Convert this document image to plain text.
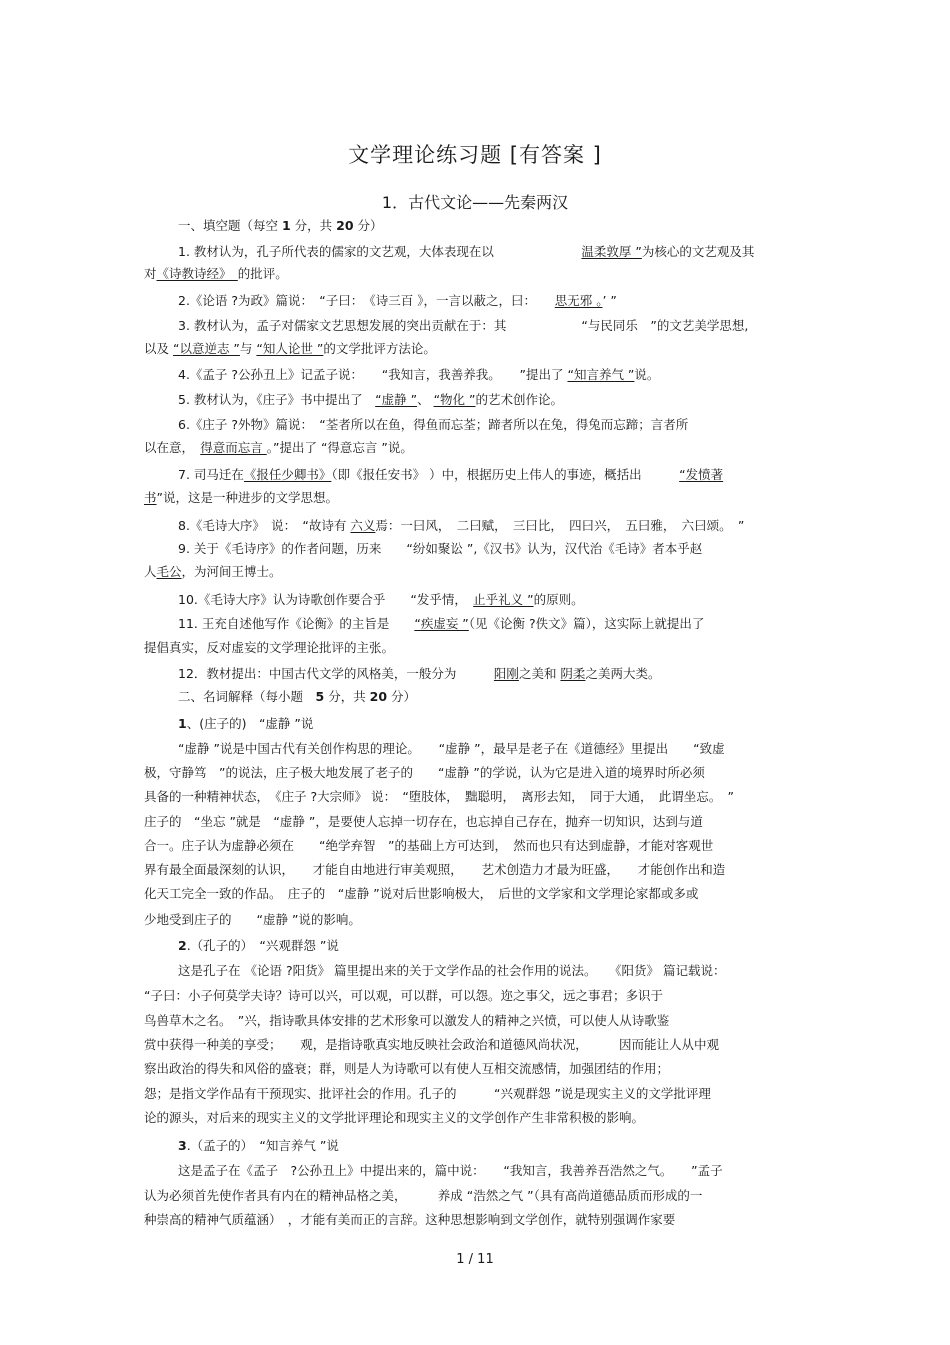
文学理论练习题 [有答案 ]
1．古代文论——先秦两汉
一、填空题（每空 1 分，共 20 分）
1. 教材认为，孔子所代表的儒家的文艺观，大体表现在以　　　　　　　温柔敦厚 ”为核心的文艺观及其
对《诗教诗经》　的批评。
2.《论语 ?为政》篇说：　“子曰：　《诗三百 》，一言以蔽之，曰：　　思无邪 。’ ”
3. 教材认为，孟子对儒家文艺思想发展的突出贡献在于：其　　　　　　“与民同乐　”的文艺美学思想,
以及 “以意逆志 ”与 “知人论世 ”的文学批评方法论。
4.《孟子 ?公孙丑上》记孟子说：　　“我知言，我善养我。　　”提出了 “知言养气 ”说。
5. 教材认为，《庄子》书中提出了　“虚静 ”、 “物化 ”的艺术创作论。
6.《庄子 ?外物》篇说：　“荃者所以在鱼，得鱼而忘荃；蹄者所以在兔，得兔而忘蹄；言者所
以在意，　得意而忘言 。”提出了 “得意忘言 ”说。
7. 司马迁在《报任少卿书》（即《报任安书》 ）中，根据历史上伟人的事迹，概括出　　　“发愤著
书”说，这是一种进步的文学思想。
8.《毛诗大序》　说：　“故诗有 六义焉：一曰风，　二曰赋，　三曰比，　四曰兴，　五曰雅，　六曰颂。　”
9. 关于《毛诗序》的作者问题，历来　　“纷如聚讼 ”,《汉书》认为，汉代治《毛诗》者本乎赵
人毛公，为河间王博士。
10.《毛诗大序》认为诗歌创作要合乎　　“发乎情，　止乎礼义 ”的原则。
11. 王充自述他写作《论衡》的主旨是　　“疾虚妄 ”（见《论衡 ?佚文》篇），这实际上就提出了
提倡真实，反对虚妄的文学理论批评的主张。
12．教材提出：中国古代文学的风格美，一般分为　　　阳刚之美和 阴柔之美两大类。
二、名词解释（每小题　5 分，共 20 分）
1、(庄子的)　“虚静 ”说
“虚静 ”说是中国古代有关创作构思的理论。　　“虚静 ”，最早是老子在《道德经》里提出　　“致虚
极，守静笃　”的说法，庄子极大地发展了老子的　　“虚静 ”的学说，认为它是进入道的境界时所必须
具备的一种精神状态，　《庄子 ?大宗师》 说：　“堕肢体，　黜聪明，　离形去知，　同于大通，　此谓坐忘。　”
庄子的　“坐忘 ”就是　“虚静 ”，是要使人忘掉一切存在，也忘掉自己存在，抛弃一切知识，达到与道
合一。庄子认为虚静必须在　　“绝学弃智　”的基础上方可达到，　然而也只有达到虚静，才能对客观世
界有最全面最深刻的认识，　　才能自由地进行审美观照，　　艺术创造力才最为旺盛，　　才能创作出和造
化天工完全一致的作品。　庄子的　“虚静 ”说对后世影响极大，　后世的文学家和文学理论家都或多或
少地受到庄子的　　“虚静 ”说的影响。
2.（孔子的）　“兴观群怨 ”说
这是孔子在 《论语 ?阳货》 篇里提出来的关于文学作品的社会作用的说法。　　《阳货》 篇记载说：
“子曰：小子何莫学夫诗？诗可以兴，可以观，可以群，可以怨。迩之事父，远之事君；多识于
鸟兽草木之名。　”兴，指诗歌具体安排的艺术形象可以激发人的精神之兴愤，可以使人从诗歌鉴
赏中获得一种美的享受；　　观，是指诗歌真实地反映社会政治和道德风尚状况，　　　因而能让人从中观
察出政治的得失和风俗的盛衰；群，则是人为诗歌可以有使人互相交流感情，加强团结的作用；
怨；是指文学作品有干预现实、批评社会的作用。孔子的　　　“兴观群怨 ”说是现实主义的文学批评理
论的源头，对后来的现实主义的文学批评理论和现实主义的文学创作产生非常积极的影响。
3.（孟子的）　“知言养气 ”说
这是孟子在《孟子　?公孙丑上》中提出来的，篇中说：　　“我知言，我善养吾浩然之气。　　”孟子
认为必须首先使作者具有内在的精神品格之美，　　　养成 “浩然之气 ”（具有高尚道德品质而形成的一
种崇高的精神气质蕴涵）　，才能有美而正的言辞。这种思想影响到文学创作，就特别强调作家要
1 / 11
